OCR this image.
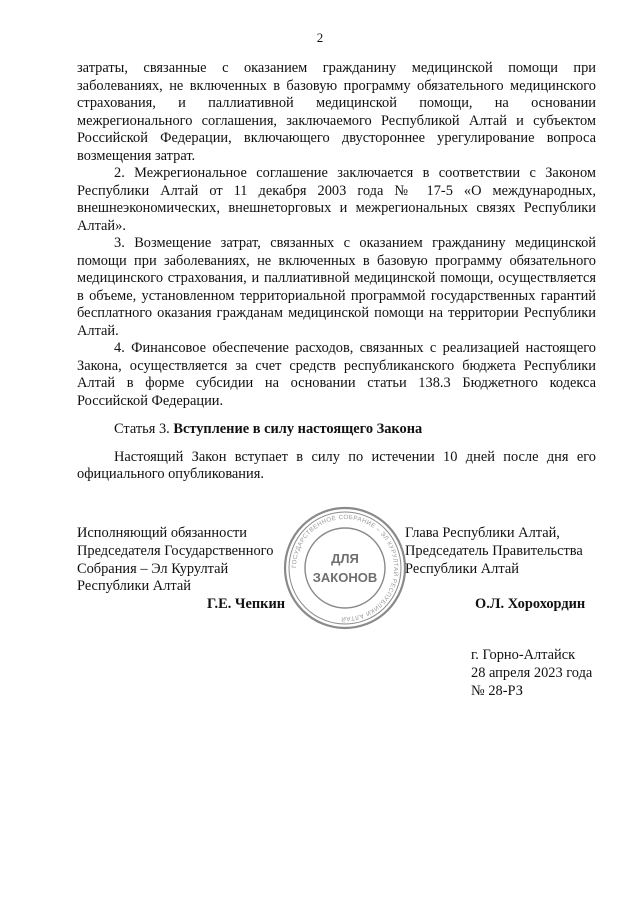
2

затраты, связанные с оказанием гражданину медицинской помощи при заболеваниях, не включенных в базовую программу обязательного медицинского страхования, и паллиативной медицинской помощи, на основании межрегионального соглашения, заключаемого Республикой Алтай и субъектом Российской Федерации, включающего двустороннее урегулирование вопроса возмещения затрат.

2. Межрегиональное соглашение заключается в соответствии с Законом Республики Алтай от 11 декабря 2003 года № 17-5 «О международных, внешнеэкономических, внешнеторговых и межрегиональных связях Республики Алтай».

3. Возмещение затрат, связанных с оказанием гражданину медицинской помощи при заболеваниях, не включенных в базовую программу обязательного медицинского страхования, и паллиативной медицинской помощи, осуществляется в объеме, установленном территориальной программой государственных гарантий бесплатного оказания гражданам медицинской помощи на территории Республики Алтай.

4. Финансовое обеспечение расходов, связанных с реализацией настоящего Закона, осуществляется за счет средств республиканского бюджета Республики Алтай в форме субсидии на основании статьи 138.3 Бюджетного кодекса Российской Федерации.

Статья 3. Вступление в силу настоящего Закона

Настоящий Закон вступает в силу по истечении 10 дней после дня его официального опубликования.

Исполняющий обязанности
Председателя Государственного
Собрания – Эл Курултай
Республики Алтай
Г.Е. Чепкин
ГОСУДАРСТВЕННОЕ СОБРАНИЕ – ЭЛ КУРУЛТАЙ РЕСПУБЛИКИ АЛТАЙ
ДЛЯ
ЗАКОНОВ
Глава Республики Алтай,
Председатель Правительства
Республики Алтай
О.Л. Хорохордин
г. Горно-Алтайск
28 апреля 2023 года
№ 28-РЗ
